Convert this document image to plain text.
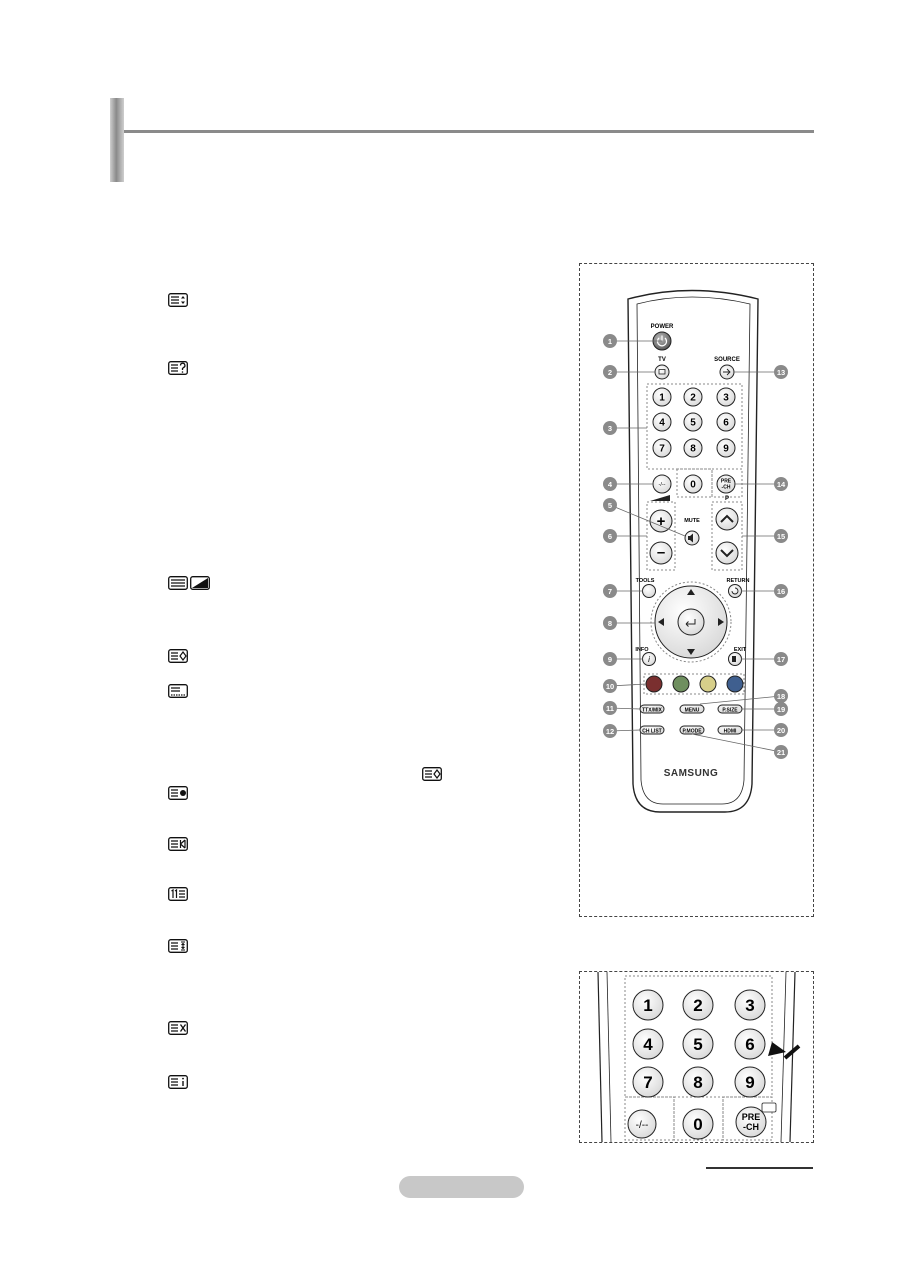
POWER
TV	SOURCE
1	2	3
4	5	6
7	8	9
0
-/--
PRE
-CH
+
–
MUTE
P
TOOLS	RETURN
INFO
i
EXIT
TTX/MIX	MENU	P.SIZE
CH LIST	P.MODE	HDMI
SAMSUNG
1
2
3
4
5
6
7
8
9
10
11
12
13
14
15
16
17
18
19
20
21
1 2	3
4 5	6
7 8	9
0
-/--
PRE
-CH
